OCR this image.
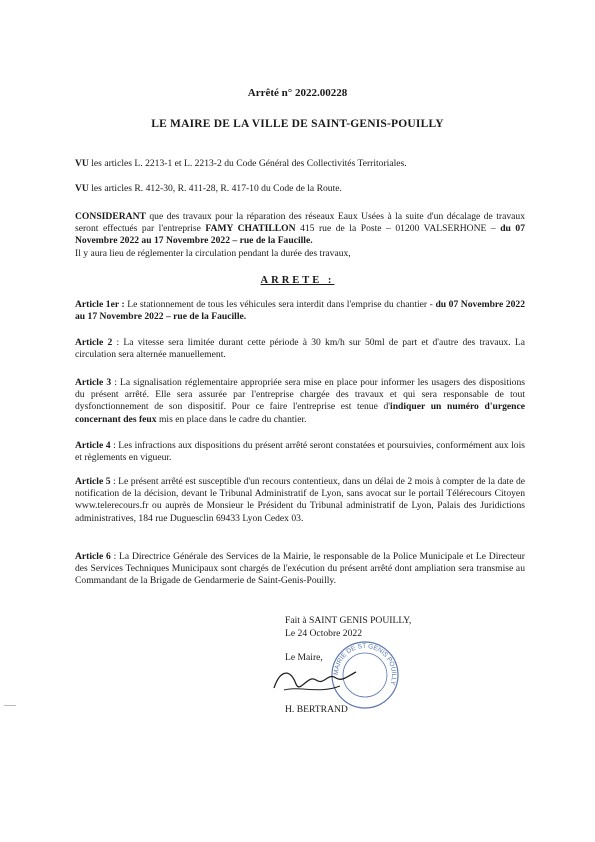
Arrêté n° 2022.00228
LE MAIRE DE LA VILLE DE SAINT-GENIS-POUILLY
VU les articles L. 2213-1 et L. 2213-2 du Code Général des Collectivités Territoriales.
VU les articles R. 412-30, R. 411-28, R. 417-10 du Code de la Route.
CONSIDERANT que des travaux pour la réparation des réseaux Eaux Usées à la suite d'un décalage de travaux seront effectués par l'entreprise FAMY CHATILLON 415 rue de la Poste – 01200 VALSERHONE – du 07 Novembre 2022 au 17 Novembre 2022 – rue de la Faucille.
Il y aura lieu de réglementer la circulation pendant la durée des travaux,
ARRETE :
Article 1er : Le stationnement de tous les véhicules sera interdit dans l'emprise du chantier - du 07 Novembre 2022 au 17 Novembre 2022 – rue de la Faucille.
Article 2 : La vitesse sera limitée durant cette période à 30 km/h sur 50ml de part et d'autre des travaux. La circulation sera alternée manuellement.
Article 3 : La signalisation réglementaire appropriée sera mise en place pour informer les usagers des dispositions du présent arrêté. Elle sera assurée par l'entreprise chargée des travaux et qui sera responsable de tout dysfonctionnement de son dispositif. Pour ce faire l'entreprise est tenue d'indiquer un numéro d'urgence concernant des feux mis en place dans le cadre du chantier.
Article 4 : Les infractions aux dispositions du présent arrêté seront constatées et poursuivies, conformément aux lois et règlements en vigueur.
Article 5 : Le présent arrêté est susceptible d'un recours contentieux, dans un délai de 2 mois à compter de la date de notification de la décision, devant le Tribunal Administratif de Lyon, sans avocat sur le portail Télérecours Citoyen www.telerecours.fr ou auprès de Monsieur le Président du Tribunal administratif de Lyon, Palais des Juridictions administratives, 184 rue Duguesclin 69433 Lyon Cedex 03.
Article 6 : La Directrice Générale des Services de la Mairie, le responsable de la Police Municipale et Le Directeur des Services Techniques Municipaux sont chargés de l'exécution du présent arrêté dont ampliation sera transmise au Commandant de la Brigade de Gendarmerie de Saint-Genis-Pouilly.
Fait à SAINT GENIS POUILLY,
Le 24 Octobre 2022
Le Maire,
MAIRIE DE ST GENIS POUILLY
H. BERTRAND
